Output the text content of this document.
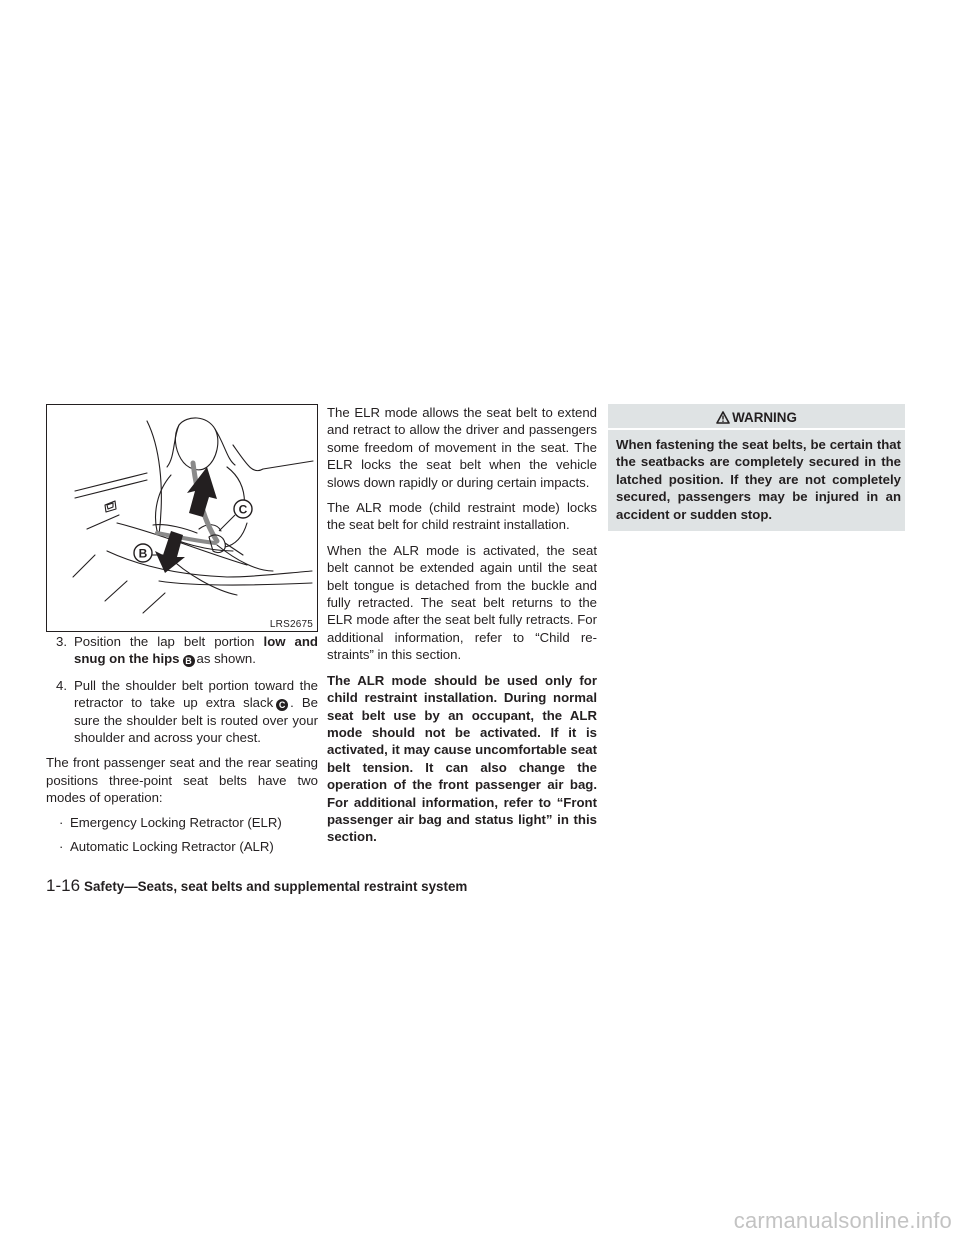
C
B
LRS2675

3. Position the lap belt portion low and snug on the hips B as shown.

4. Pull the shoulder belt portion toward the retractor to take up extra slack C . Be sure the shoulder belt is routed over your shoulder and across your chest.

The front passenger seat and the rear seating positions three-point seat belts have two modes of operation:

· Emergency Locking Retractor (ELR)

· Automatic Locking Retractor (ALR)

The ELR mode allows the seat belt to extend and retract to allow the driver and passengers some freedom of movement in the seat. The ELR locks the seat belt when the vehicle slows down rapidly or during certain impacts.

The ALR mode (child restraint mode) locks the seat belt for child restraint installation.

When the ALR mode is activated, the seat belt cannot be extended again until the seat belt tongue is detached from the buckle and fully retracted. The seat belt returns to the ELR mode after the seat belt fully retracts. For additional information, refer to “Child restraints” in this section.

The ALR mode should be used only for child restraint installation. During normal seat belt use by an occupant, the ALR mode should not be activated. If it is activated, it may cause uncomfortable seat belt tension. It can also change the operation of the front passenger air bag. For additional information, refer to “Front passenger air bag and status light” in this section.

WARNING
When fastening the seat belts, be certain that the seatbacks are completely secured in the latched position. If they are not completely secured, passengers may be injured in an accident or sudden stop.
1-16 Safety—Seats, seat belts and supplemental restraint system
carmanualsonline.info
